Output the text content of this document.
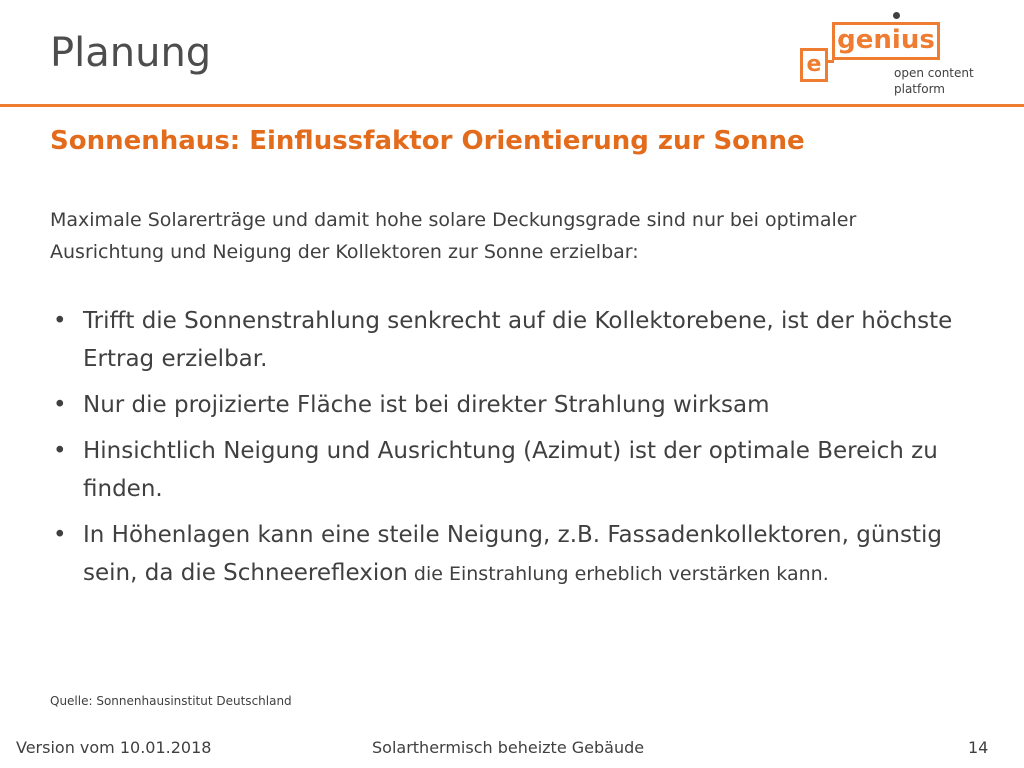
Planung	genius
e	open content
platform
Sonnenhaus: Einflussfaktor Orientierung zur Sonne
Maximale Solarerträge und damit hohe solare Deckungsgrade sind nur bei optimaler Ausrichtung und Neigung der Kollektoren zur Sonne erzielbar:
• Trifft die Sonnenstrahlung senkrecht auf die Kollektorebene, ist der höchste Ertrag erzielbar.
• Nur die projizierte Fläche ist bei direkter Strahlung wirksam
• Hinsichtlich Neigung und Ausrichtung (Azimut) ist der optimale Bereich zu finden.
• In Höhenlagen kann eine steile Neigung, z.B. Fassadenkollektoren, günstig sein, da die Schneereflexion die Einstrahlung erheblich verstärken kann.
Quelle: Sonnenhausinstitut Deutschland
Version vom 10.01.2018	Solarthermisch beheizte Gebäude	14
